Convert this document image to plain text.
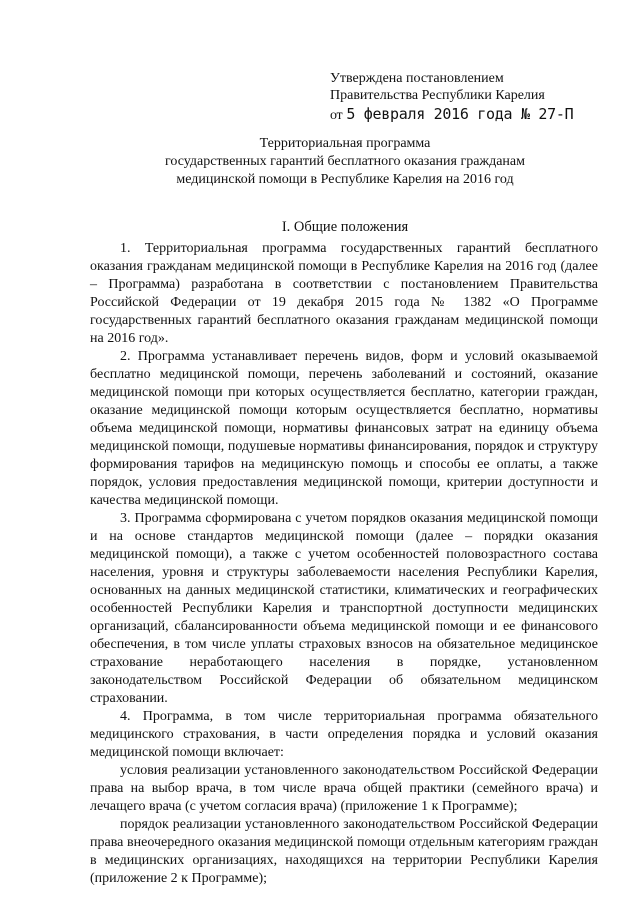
Утверждена постановлением
Правительства Республики Карелия
от 5 февраля 2016 года № 27-П
Территориальная программа
государственных гарантий бесплатного оказания гражданам
медицинской помощи в Республике Карелия на 2016 год
I. Общие положения

1. Территориальная программа государственных гарантий бесплатного оказания гражданам медицинской помощи в Республике Карелия на 2016 год (далее – Программа) разработана в соответствии с постановлением Правительства Российской Федерации от 19 декабря 2015 года № 1382 «О Программе государственных гарантий бесплатного оказания гражданам медицинской помощи на 2016 год».

2. Программа устанавливает перечень видов, форм и условий оказываемой бесплатно медицинской помощи, перечень заболеваний и состояний, оказание медицинской помощи при которых осуществляется бесплатно, категории граждан, оказание медицинской помощи которым осуществляется бесплатно, нормативы объема медицинской помощи, нормативы финансовых затрат на единицу объема медицинской помощи, подушевые нормативы финансирования, порядок и структуру формирования тарифов на медицинскую помощь и способы ее оплаты, а также порядок, условия предоставления медицинской помощи, критерии доступности и качества медицинской помощи.

3. Программа сформирована с учетом порядков оказания медицинской помощи и на основе стандартов медицинской помощи (далее – порядки оказания медицинской помощи), а также с учетом особенностей половозрастного состава населения, уровня и структуры заболеваемости населения Республики Карелия, основанных на данных медицинской статистики, климатических и географических особенностей Республики Карелия и транспортной доступности медицинских организаций, сбалансированности объема медицинской помощи и ее финансового обеспечения, в том числе уплаты страховых взносов на обязательное медицинское страхование неработающего населения в порядке, установленном законодательством Российской Федерации об обязательном медицинском страховании.

4. Программа, в том числе территориальная программа обязательного медицинского страхования, в части определения порядка и условий оказания медицинской помощи включает:

условия реализации установленного законодательством Российской Федерации права на выбор врача, в том числе врача общей практики (семейного врача) и лечащего врача (с учетом согласия врача) (приложение 1 к Программе);

порядок реализации установленного законодательством Российской Федерации права внеочередного оказания медицинской помощи отдельным категориям граждан в медицинских организациях, находящихся на территории Республики Карелия (приложение 2 к Программе);
